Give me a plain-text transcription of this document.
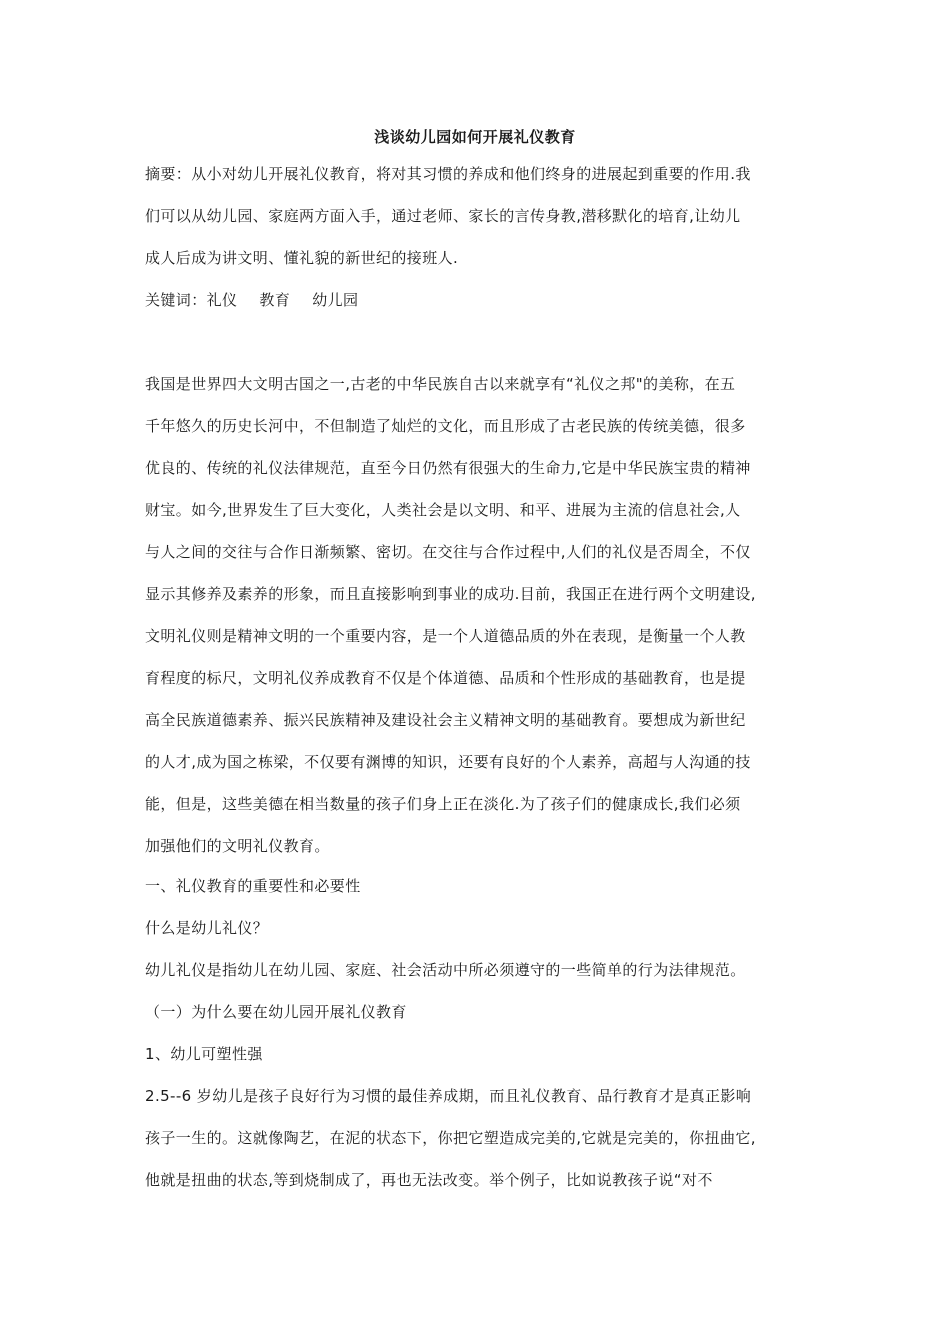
浅谈幼儿园如何开展礼仪教育
摘要：从小对幼儿开展礼仪教育，将对其习惯的养成和他们终身的进展起到重要的作用.我
们可以从幼儿园、家庭两方面入手，通过老师、家长的言传身教,潜移默化的培育,让幼儿
成人后成为讲文明、懂礼貌的新世纪的接班人.
关键词：礼仪 教育 幼儿园
我国是世界四大文明古国之一,古老的中华民族自古以来就享有“礼仪之邦"的美称，在五
千年悠久的历史长河中，不但制造了灿烂的文化，而且形成了古老民族的传统美德，很多
优良的、传统的礼仪法律规范，直至今日仍然有很强大的生命力,它是中华民族宝贵的精神
财宝。如今,世界发生了巨大变化，人类社会是以文明、和平、进展为主流的信息社会,人
与人之间的交往与合作日渐频繁、密切。在交往与合作过程中,人们的礼仪是否周全，不仅
显示其修养及素养的形象，而且直接影响到事业的成功.目前，我国正在进行两个文明建设,
文明礼仪则是精神文明的一个重要内容，是一个人道德品质的外在表现，是衡量一个人教
育程度的标尺，文明礼仪养成教育不仅是个体道德、品质和个性形成的基础教育，也是提
高全民族道德素养、振兴民族精神及建设社会主义精神文明的基础教育。要想成为新世纪
的人才,成为国之栋梁，不仅要有渊博的知识，还要有良好的个人素养，高超与人沟通的技
能，但是，这些美德在相当数量的孩子们身上正在淡化.为了孩子们的健康成长,我们必须
加强他们的文明礼仪教育。
一、礼仪教育的重要性和必要性
什么是幼儿礼仪？
幼儿礼仪是指幼儿在幼儿园、家庭、社会活动中所必须遵守的一些简单的行为法律规范。
（一）为什么要在幼儿园开展礼仪教育
1、幼儿可塑性强
2.5--6 岁幼儿是孩子良好行为习惯的最佳养成期，而且礼仪教育、品行教育才是真正影响
孩子一生的。这就像陶艺，在泥的状态下，你把它塑造成完美的,它就是完美的，你扭曲它,
他就是扭曲的状态,等到烧制成了，再也无法改变。举个例子，比如说教孩子说“对不
